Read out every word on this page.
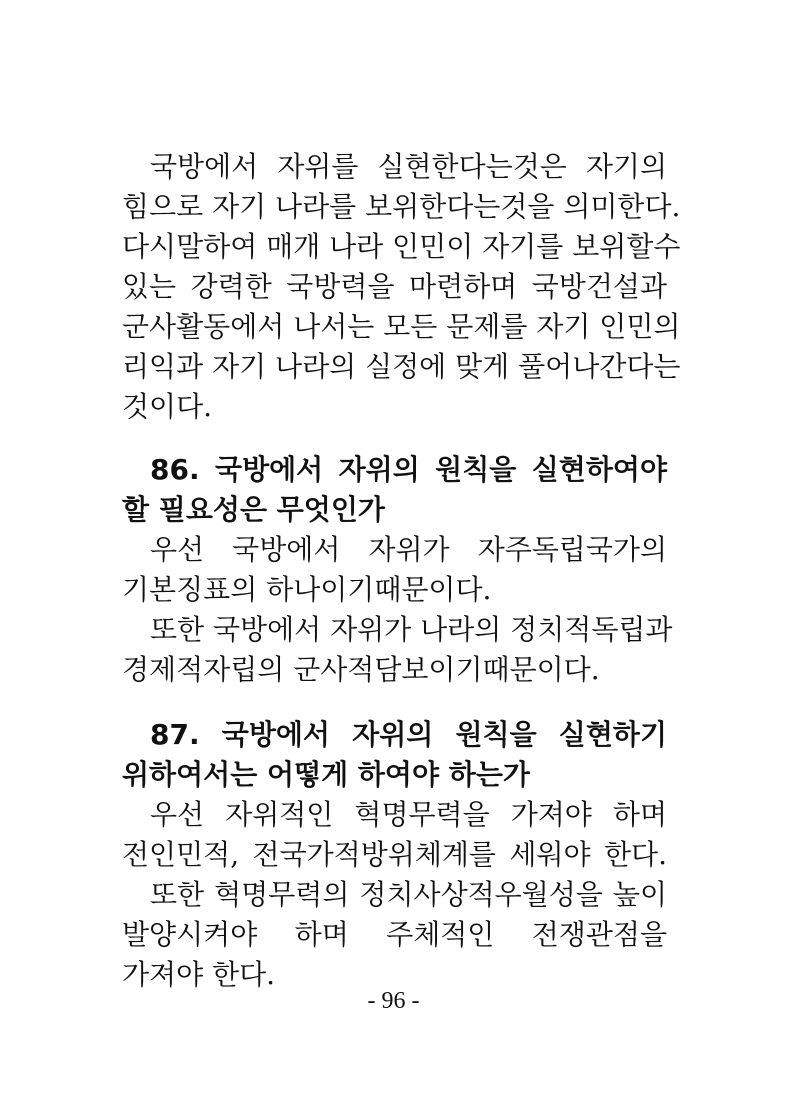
국방에서 자위를 실현한다는것은 자기의
힘으로 자기 나라를 보위한다는것을 의미한다.
다시말하여 매개 나라 인민이 자기를 보위할수
있는 강력한 국방력을 마련하며 국방건설과
군사활동에서 나서는 모든 문제를 자기 인민의
리익과 자기 나라의 실정에 맞게 풀어나간다는
것이다.
86. 국방에서 자위의 원칙을 실현하여야
할 필요성은 무엇인가
우선 국방에서 자위가 자주독립국가의
기본징표의 하나이기때문이다.
또한 국방에서 자위가 나라의 정치적독립과
경제적자립의 군사적담보이기때문이다.
87. 국방에서 자위의 원칙을 실현하기
위하여서는 어떻게 하여야 하는가
우선 자위적인 혁명무력을 가져야 하며
전인민적, 전국가적방위체계를 세워야 한다.
또한 혁명무력의 정치사상적우월성을 높이
발양시켜야 하며 주체적인 전쟁관점을
가져야 한다.
- 96 -
